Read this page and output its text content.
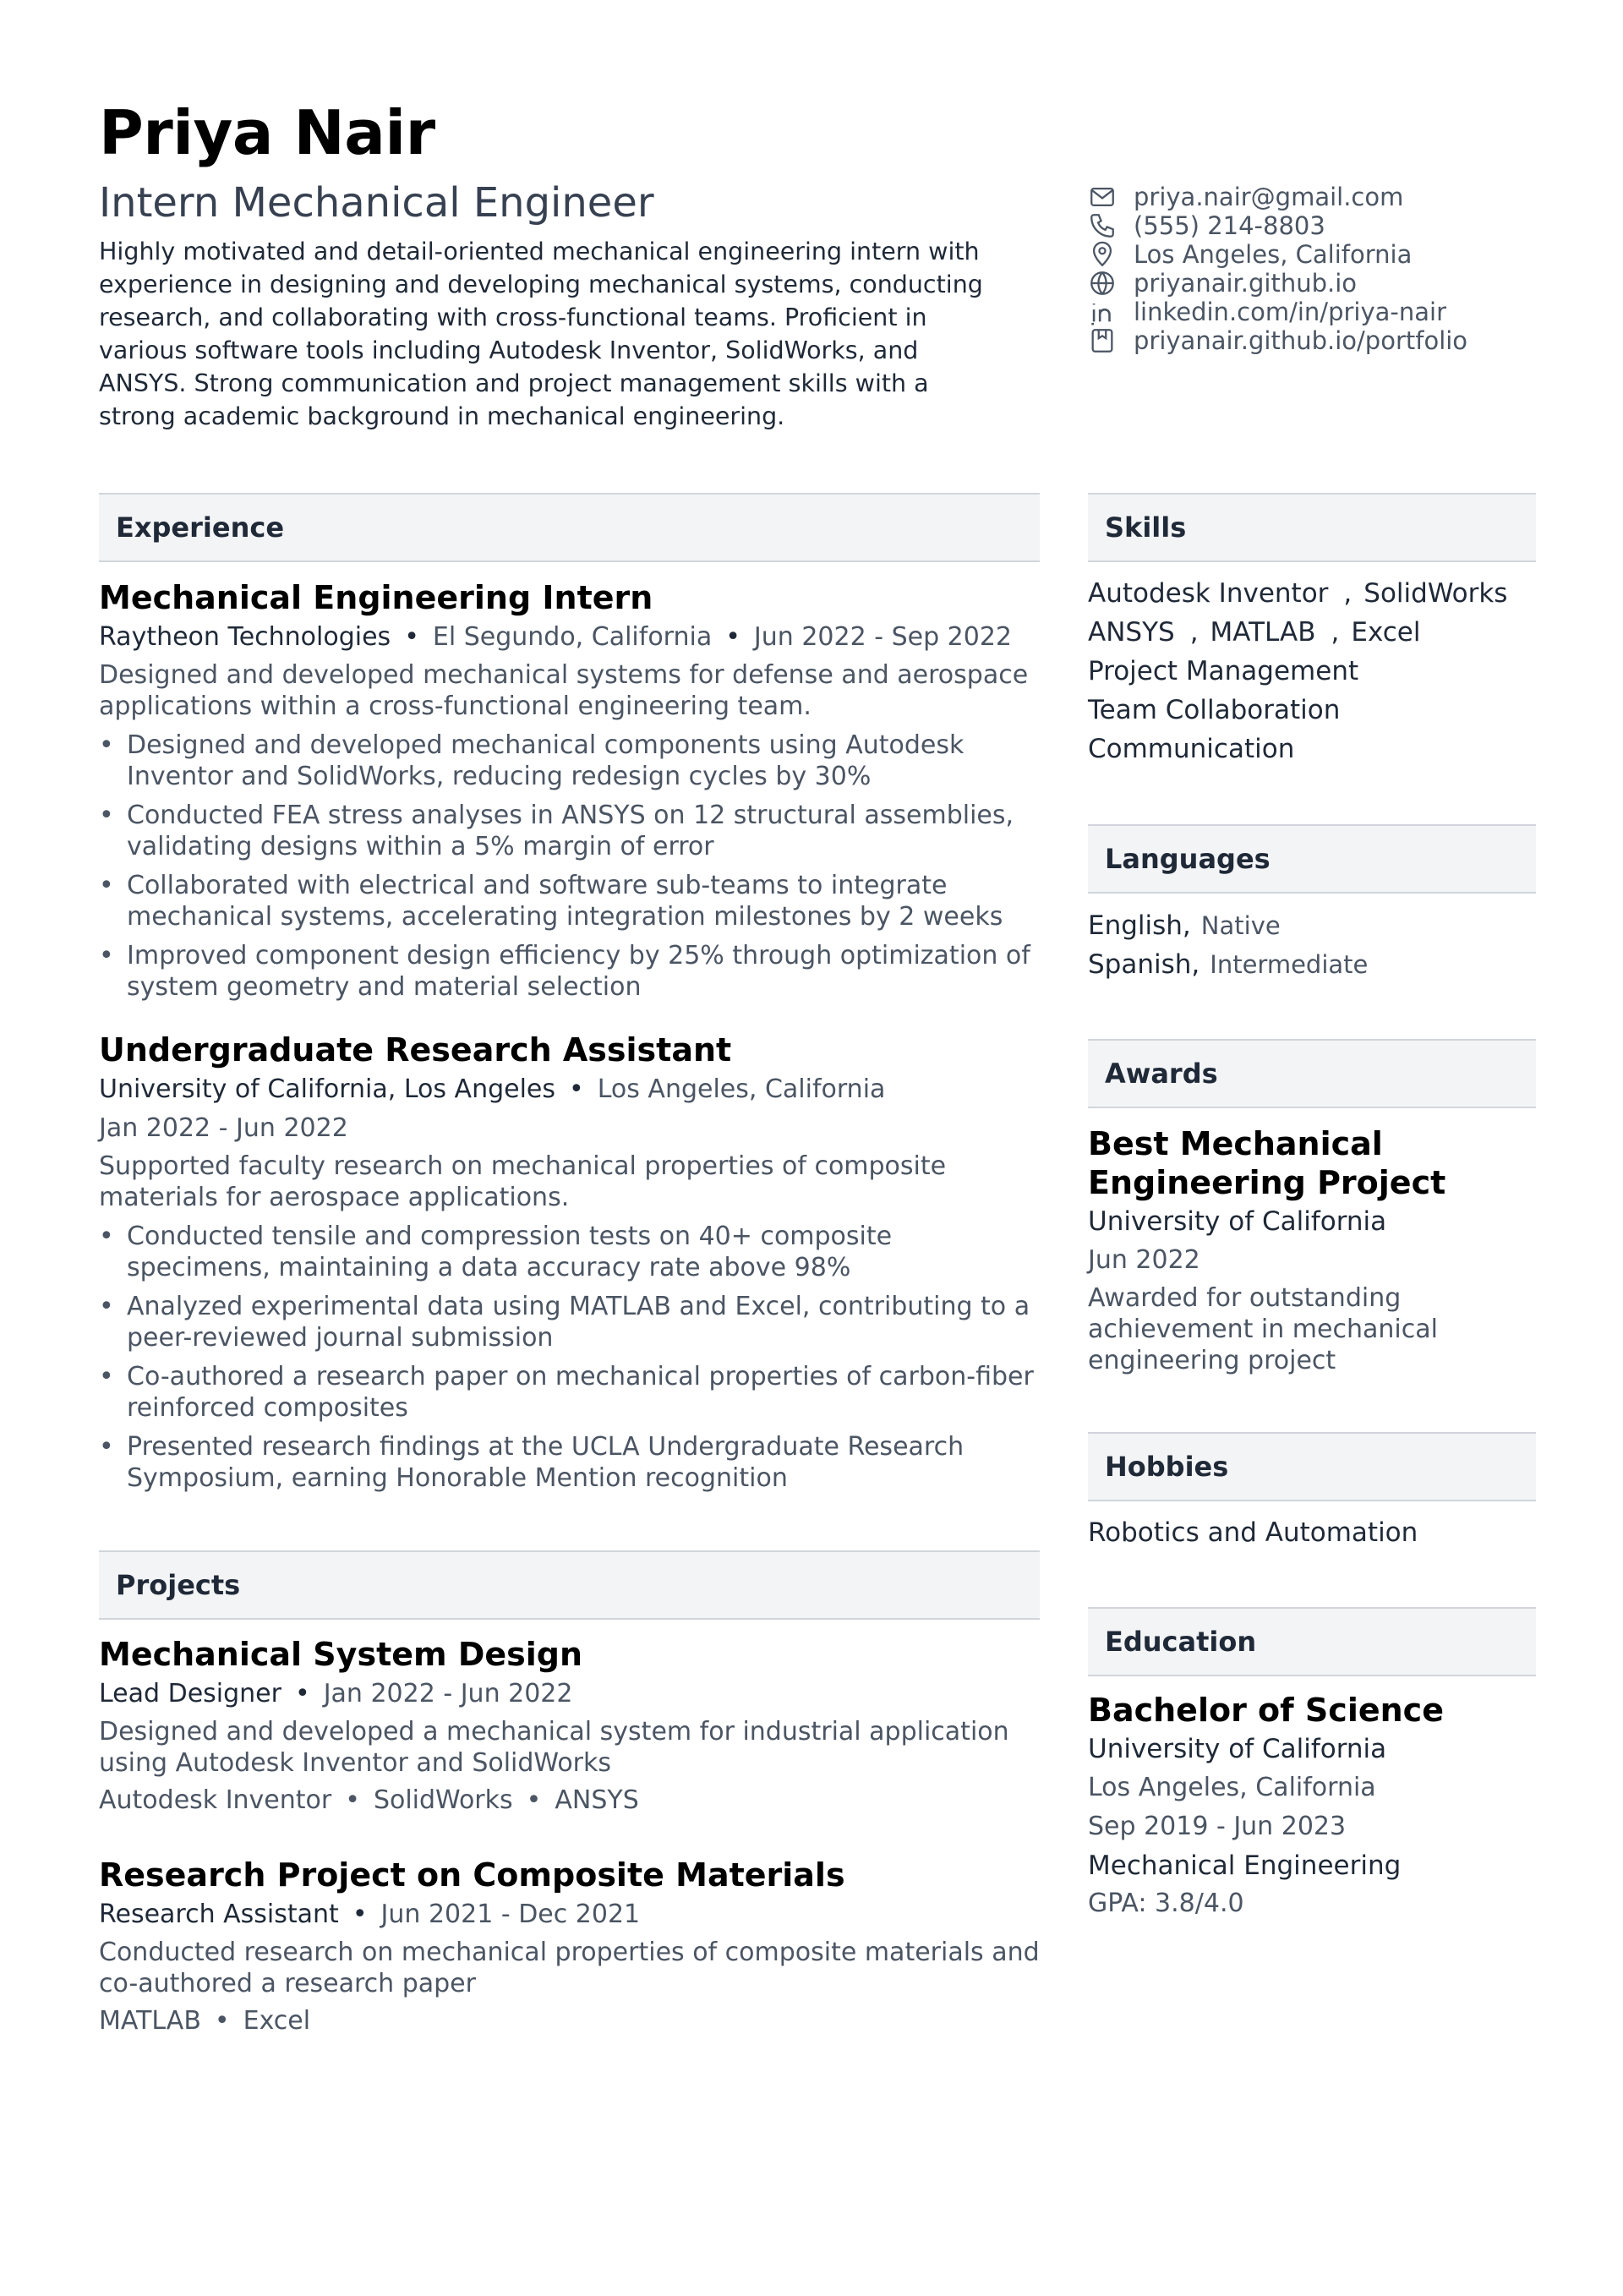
Priya Nair
Intern Mechanical Engineer

Highly motivated and detail-oriented mechanical engineering intern with experience in designing and developing mechanical systems, conducting research, and collaborating with cross-functional teams. Proficient in various software tools including Autodesk Inventor, SolidWorks, and ANSYS. Strong communication and project management skills with a strong academic background in mechanical engineering.

priya.nair@gmail.com
(555) 214-8803
Los Angeles, California
priyanair.github.io
linkedin.com/in/priya-nair
priyanair.github.io/portfolio
Experience
Mechanical Engineering Intern
Raytheon Technologies • El Segundo, California • Jun 2022 - Sep 2022

Designed and developed mechanical systems for defense and aerospace applications within a cross-functional engineering team.

• Designed and developed mechanical components using Autodesk Inventor and SolidWorks, reducing redesign cycles by 30%
• Conducted FEA stress analyses in ANSYS on 12 structural assemblies, validating designs within a 5% margin of error
• Collaborated with electrical and software sub-teams to integrate mechanical systems, accelerating integration milestones by 2 weeks
• Improved component design efficiency by 25% through optimization of system geometry and material selection
Undergraduate Research Assistant
University of California, Los Angeles • Los Angeles, California
Jan 2022 - Jun 2022

Supported faculty research on mechanical properties of composite materials for aerospace applications.

• Conducted tensile and compression tests on 40+ composite specimens, maintaining a data accuracy rate above 98%
• Analyzed experimental data using MATLAB and Excel, contributing to a peer-reviewed journal submission
• Co-authored a research paper on mechanical properties of carbon-fiber reinforced composites
• Presented research findings at the UCLA Undergraduate Research Symposium, earning Honorable Mention recognition
Projects
Mechanical System Design
Lead Designer • Jan 2022 - Jun 2022

Designed and developed a mechanical system for industrial application using Autodesk Inventor and SolidWorks

Autodesk Inventor • SolidWorks • ANSYS
Research Project on Composite Materials
Research Assistant • Jun 2021 - Dec 2021

Conducted research on mechanical properties of composite materials and co-authored a research paper

MATLAB • Excel
Skills
Autodesk Inventor , SolidWorks
ANSYS , MATLAB , Excel
Project Management
Team Collaboration
Communication
Languages
English, Native
Spanish, Intermediate
Awards
Best Mechanical
Engineering Project
University of California
Jun 2022

Awarded for outstanding achievement in mechanical engineering project

Hobbies
Robotics and Automation
Education
Bachelor of Science
University of California
Los Angeles, California
Sep 2019 - Jun 2023
Mechanical Engineering
GPA: 3.8/4.0
